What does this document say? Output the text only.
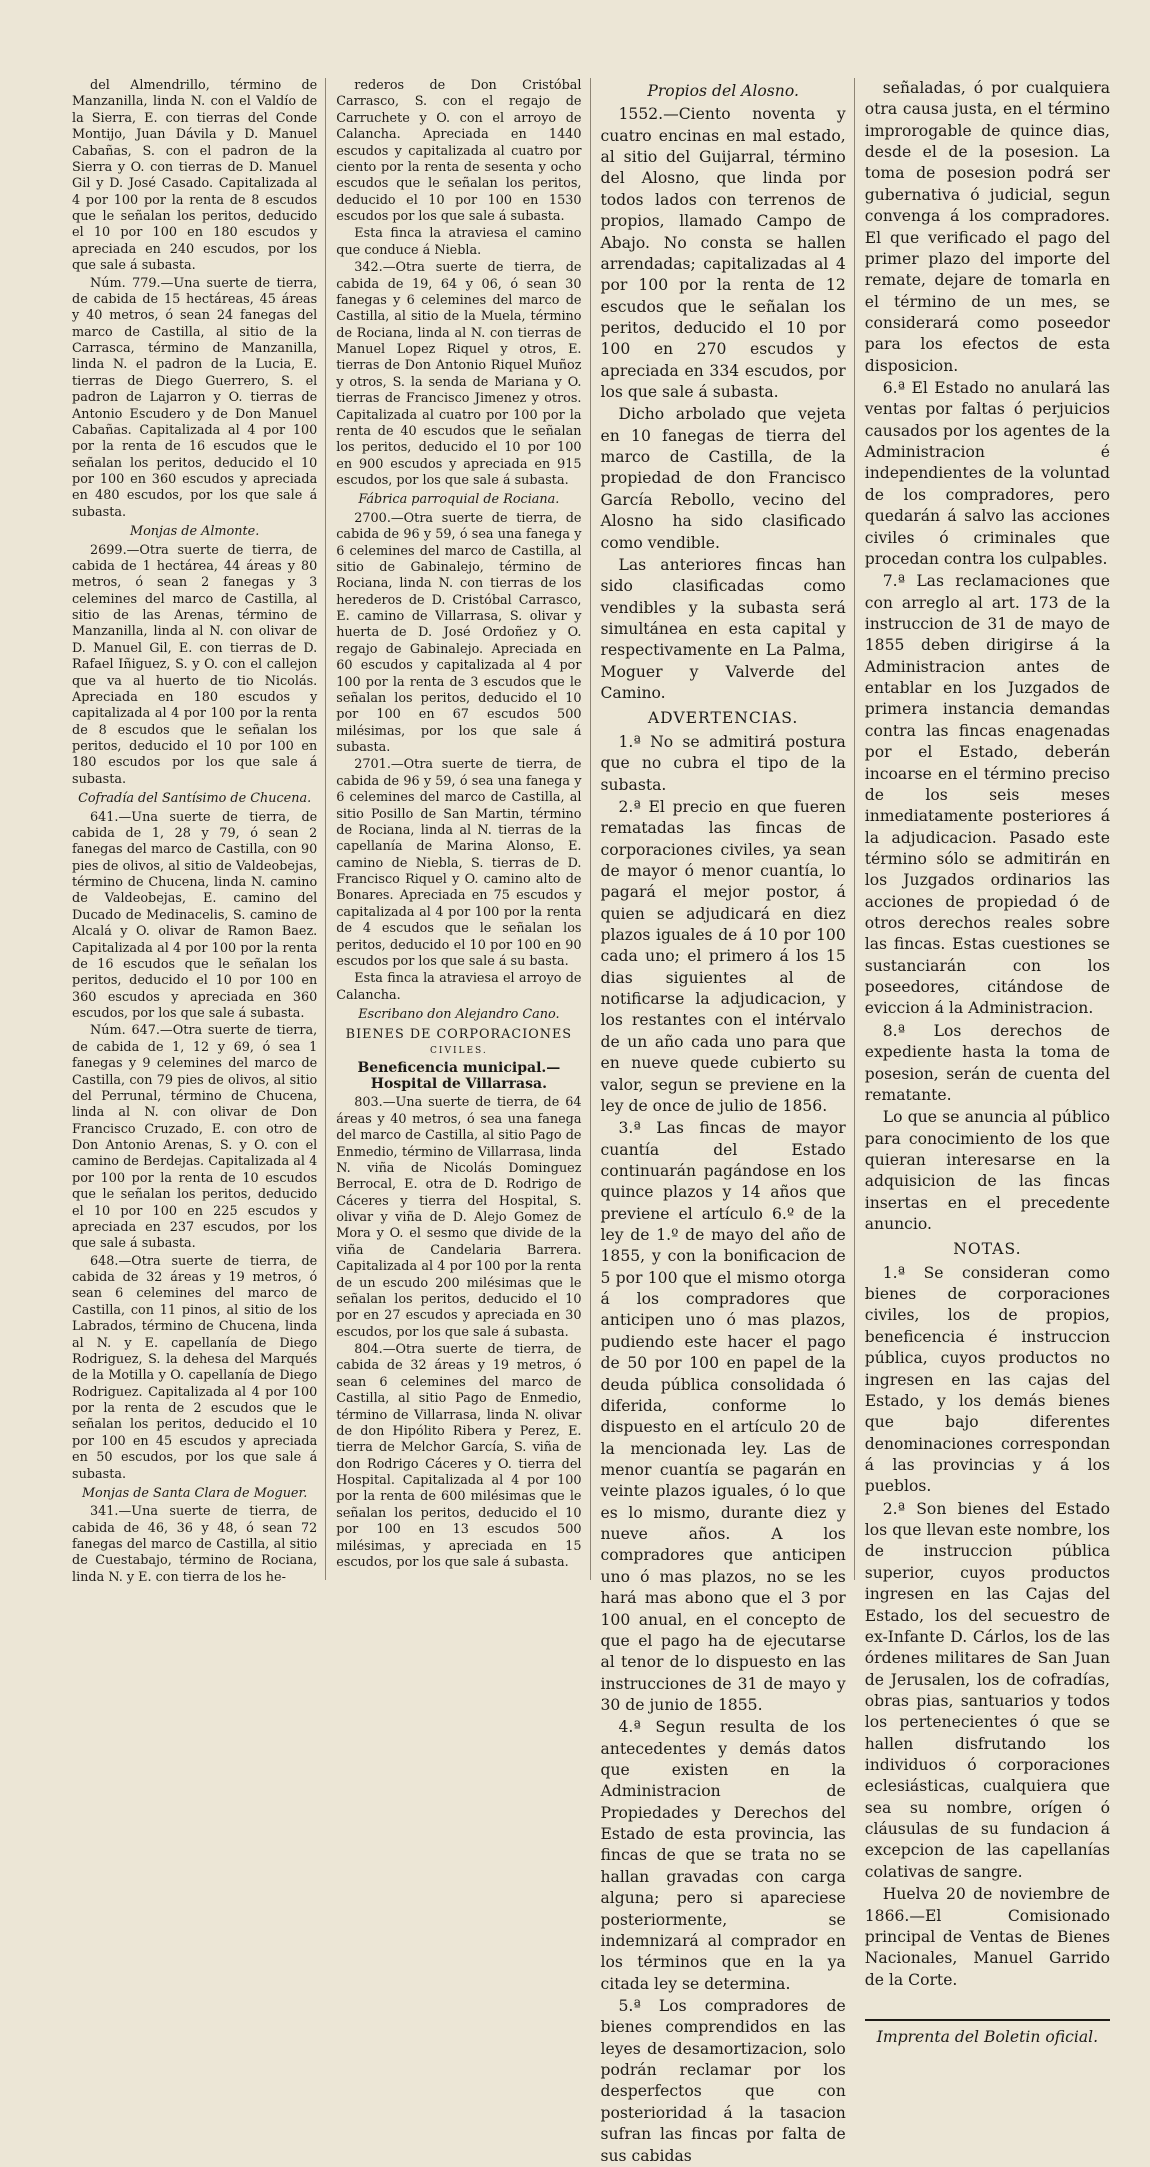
del Almendrillo, término de Manzanilla, linda N. con el Valdío de la Sierra, E. con tierras del Conde Montijo, Juan Dávila y D. Manuel Cabañas, S. con el padron de la Sierra y O. con tierras de D. Manuel Gil y D. José Casado. Capitalizada al 4 por 100 por la renta de 8 escudos que le señalan los peritos, deducido el 10 por 100 en 180 escudos y apreciada en 240 escudos, por los que sale á subasta.

Núm. 779.—Una suerte de tierra, de cabida de 15 hectáreas, 45 áreas y 40 metros, ó sean 24 fanegas del marco de Castilla, al sitio de la Carrasca, término de Manzanilla, linda N. el padron de la Lucia, E. tierras de Diego Guerrero, S. el padron de Lajarron y O. tierras de Antonio Escudero y de Don Manuel Cabañas. Capitalizada al 4 por 100 por la renta de 16 escudos que le señalan los peritos, deducido el 10 por 100 en 360 escudos y apreciada en 480 escudos, por los que sale á subasta.

Monjas de Almonte.

2699.—Otra suerte de tierra, de cabida de 1 hectárea, 44 áreas y 80 metros, ó sean 2 fanegas y 3 celemines del marco de Castilla, al sitio de las Arenas, término de Manzanilla, linda al N. con olivar de D. Manuel Gil, E. con tierras de D. Rafael Iñiguez, S. y O. con el callejon que va al huerto de tio Nicolás. Apreciada en 180 escudos y capitalizada al 4 por 100 por la renta de 8 escudos que le señalan los peritos, deducido el 10 por 100 en 180 escudos por los que sale á subasta.

Cofradía del Santísimo de Chucena.

641.—Una suerte de tierra, de cabida de 1, 28 y 79, ó sean 2 fanegas del marco de Castilla, con 90 pies de olivos, al sitio de Valdeobejas, término de Chucena, linda N. camino de Valdeobejas, E. camino del Ducado de Medinacelis, S. camino de Alcalá y O. olivar de Ramon Baez. Capitalizada al 4 por 100 por la renta de 16 escudos que le señalan los peritos, deducido el 10 por 100 en 360 escudos y apreciada en 360 escudos, por los que sale á subasta.

Núm. 647.—Otra suerte de tierra, de cabida de 1, 12 y 69, ó sea 1 fanegas y 9 celemines del marco de Castilla, con 79 pies de olivos, al sitio del Perrunal, término de Chucena, linda al N. con olivar de Don Francisco Cruzado, E. con otro de Don Antonio Arenas, S. y O. con el camino de Berdejas. Capitalizada al 4 por 100 por la renta de 10 escudos que le señalan los peritos, deducido el 10 por 100 en 225 escudos y apreciada en 237 escudos, por los que sale á subasta.

648.—Otra suerte de tierra, de cabida de 32 áreas y 19 metros, ó sean 6 celemines del marco de Castilla, con 11 pinos, al sitio de los Labrados, término de Chucena, linda al N. y E. capellanía de Diego Rodriguez, S. la dehesa del Marqués de la Motilla y O. capellanía de Diego Rodriguez. Capitalizada al 4 por 100 por la renta de 2 escudos que le señalan los peritos, deducido el 10 por 100 en 45 escudos y apreciada en 50 escudos, por los que sale á subasta.

Monjas de Santa Clara de Moguer.

341.—Una suerte de tierra, de cabida de 46, 36 y 48, ó sean 72 fanegas del marco de Castilla, al sitio de Cuestabajo, término de Rociana, linda N. y E. con tierra de los he-

rederos de Don Cristóbal Carrasco, S. con el regajo de Carruchete y O. con el arroyo de Calancha. Apreciada en 1440 escudos y capitalizada al cuatro por ciento por la renta de sesenta y ocho escudos que le señalan los peritos, deducido el 10 por 100 en 1530 escudos por los que sale á subasta.

Esta finca la atraviesa el camino que conduce á Niebla.

342.—Otra suerte de tierra, de cabida de 19, 64 y 06, ó sean 30 fanegas y 6 celemines del marco de Castilla, al sitio de la Muela, término de Rociana, linda al N. con tierras de Manuel Lopez Riquel y otros, E. tierras de Don Antonio Riquel Muñoz y otros, S. la senda de Mariana y O. tierras de Francisco Jimenez y otros. Capitalizada al cuatro por 100 por la renta de 40 escudos que le señalan los peritos, deducido el 10 por 100 en 900 escudos y apreciada en 915 escudos, por los que sale á subasta.

Fábrica parroquial de Rociana.

2700.—Otra suerte de tierra, de cabida de 96 y 59, ó sea una fanega y 6 celemines del marco de Castilla, al sitio de Gabinalejo, término de Rociana, linda N. con tierras de los herederos de D. Cristóbal Carrasco, E. camino de Villarrasa, S. olivar y huerta de D. José Ordoñez y O. regajo de Gabinalejo. Apreciada en 60 escudos y capitalizada al 4 por 100 por la renta de 3 escudos que le señalan los peritos, deducido el 10 por 100 en 67 escudos 500 milésimas, por los que sale á subasta.

2701.—Otra suerte de tierra, de cabida de 96 y 59, ó sea una fanega y 6 celemines del marco de Castilla, al sitio Posillo de San Martin, término de Rociana, linda al N. tierras de la capellanía de Marina Alonso, E. camino de Niebla, S. tierras de D. Francisco Riquel y O. camino alto de Bonares. Apreciada en 75 escudos y capitalizada al 4 por 100 por la renta de 4 escudos que le señalan los peritos, deducido el 10 por 100 en 90 escudos por los que sale á su basta.

Esta finca la atraviesa el arroyo de Calancha.

Escribano don Alejandro Cano.

BIENES DE CORPORACIONES

CIVILES.

Beneficencia municipal.—Hospital de Villarrasa.

803.—Una suerte de tierra, de 64 áreas y 40 metros, ó sea una fanega del marco de Castilla, al sitio Pago de Enmedio, término de Villarrasa, linda N. viña de Nicolás Dominguez Berrocal, E. otra de D. Rodrigo de Cáceres y tierra del Hospital, S. olivar y viña de D. Alejo Gomez de Mora y O. el sesmo que divide de la viña de Candelaria Barrera. Capitalizada al 4 por 100 por la renta de un escudo 200 milésimas que le señalan los peritos, deducido el 10 por en 27 escudos y apreciada en 30 escudos, por los que sale á subasta.

804.—Otra suerte de tierra, de cabida de 32 áreas y 19 metros, ó sean 6 celemines del marco de Castilla, al sitio Pago de Enmedio, término de Villarrasa, linda N. olivar de don Hipólito Ribera y Perez, E. tierra de Melchor García, S. viña de don Rodrigo Cáceres y O. tierra del Hospital. Capitalizada al 4 por 100 por la renta de 600 milésimas que le señalan los peritos, deducido el 10 por 100 en 13 escudos 500 milésimas, y apreciada en 15 escudos, por los que sale á subasta.

Propios del Alosno.

1552.—Ciento noventa y cuatro encinas en mal estado, al sitio del Guijarral, término del Alosno, que linda por todos lados con terrenos de propios, llamado Campo de Abajo. No consta se hallen arrendadas; capitalizadas al 4 por 100 por la renta de 12 escudos que le señalan los peritos, deducido el 10 por 100 en 270 escudos y apreciada en 334 escudos, por los que sale á subasta.

Dicho arbolado que vejeta en 10 fanegas de tierra del marco de Castilla, de la propiedad de don Francisco García Rebollo, vecino del Alosno ha sido clasificado como vendible.

Las anteriores fincas han sido clasificadas como vendibles y la subasta será simultánea en esta capital y respectivamente en La Palma, Moguer y Valverde del Camino.

ADVERTENCIAS.

1.ª No se admitirá postura que no cubra el tipo de la subasta.

2.ª El precio en que fueren rematadas las fincas de corporaciones civiles, ya sean de mayor ó menor cuantía, lo pagará el mejor postor, á quien se adjudicará en diez plazos iguales de á 10 por 100 cada uno; el primero á los 15 dias siguientes al de notificarse la adjudicacion, y los restantes con el intérvalo de un año cada uno para que en nueve quede cubierto su valor, segun se previene en la ley de once de julio de 1856.

3.ª Las fincas de mayor cuantía del Estado continuarán pagándose en los quince plazos y 14 años que previene el artículo 6.º de la ley de 1.º de mayo del año de 1855, y con la bonificacion de 5 por 100 que el mismo otorga á los compradores que anticipen uno ó mas plazos, pudiendo este hacer el pago de 50 por 100 en papel de la deuda pública consolidada ó diferida, conforme lo dispuesto en el artículo 20 de la mencionada ley. Las de menor cuantía se pagarán en veinte plazos iguales, ó lo que es lo mismo, durante diez y nueve años. A los compradores que anticipen uno ó mas plazos, no se les hará mas abono que el 3 por 100 anual, en el concepto de que el pago ha de ejecutarse al tenor de lo dispuesto en las instrucciones de 31 de mayo y 30 de junio de 1855.

4.ª Segun resulta de los antecedentes y demás datos que existen en la Administracion de Propiedades y Derechos del Estado de esta provincia, las fincas de que se trata no se hallan gravadas con carga alguna; pero si apareciese posteriormente, se indemnizará al comprador en los términos que en la ya citada ley se determina.

5.ª Los compradores de bienes comprendidos en las leyes de desamortizacion, solo podrán reclamar por los desperfectos que con posterioridad á la tasacion sufran las fincas por falta de sus cabidas

señaladas, ó por cualquiera otra causa justa, en el término improrogable de quince dias, desde el de la posesion. La toma de posesion podrá ser gubernativa ó judicial, segun convenga á los compradores. El que verificado el pago del primer plazo del importe del remate, dejare de tomarla en el término de un mes, se considerará como poseedor para los efectos de esta disposicion.

6.ª El Estado no anulará las ventas por faltas ó perjuicios causados por los agentes de la Administracion é independientes de la voluntad de los compradores, pero quedarán á salvo las acciones civiles ó criminales que procedan contra los culpables.

7.ª Las reclamaciones que con arreglo al art. 173 de la instruccion de 31 de mayo de 1855 deben dirigirse á la Administracion antes de entablar en los Juzgados de primera instancia demandas contra las fincas enagenadas por el Estado, deberán incoarse en el término preciso de los seis meses inmediatamente posteriores á la adjudicacion. Pasado este término sólo se admitirán en los Juzgados ordinarios las acciones de propiedad ó de otros derechos reales sobre las fincas. Estas cuestiones se sustanciarán con los poseedores, citándose de eviccion á la Administracion.

8.ª Los derechos de expediente hasta la toma de posesion, serán de cuenta del rematante.

Lo que se anuncia al público para conocimiento de los que quieran interesarse en la adquisicion de las fincas insertas en el precedente anuncio.

NOTAS.

1.ª Se consideran como bienes de corporaciones civiles, los de propios, beneficencia é instruccion pública, cuyos productos no ingresen en las cajas del Estado, y los demás bienes que bajo diferentes denominaciones correspondan á las provincias y á los pueblos.

2.ª Son bienes del Estado los que llevan este nombre, los de instruccion pública superior, cuyos productos ingresen en las Cajas del Estado, los del secuestro de ex-Infante D. Cárlos, los de las órdenes militares de San Juan de Jerusalen, los de cofradías, obras pias, santuarios y todos los pertenecientes ó que se hallen disfrutando los individuos ó corporaciones eclesiásticas, cualquiera que sea su nombre, orígen ó cláusulas de su fundacion á excepcion de las capellanías colativas de sangre.

Huelva 20 de noviembre de 1866.—El Comisionado principal de Ventas de Bienes Nacionales, Manuel Garrido de la Corte.

Imprenta del Boletin oficial.
